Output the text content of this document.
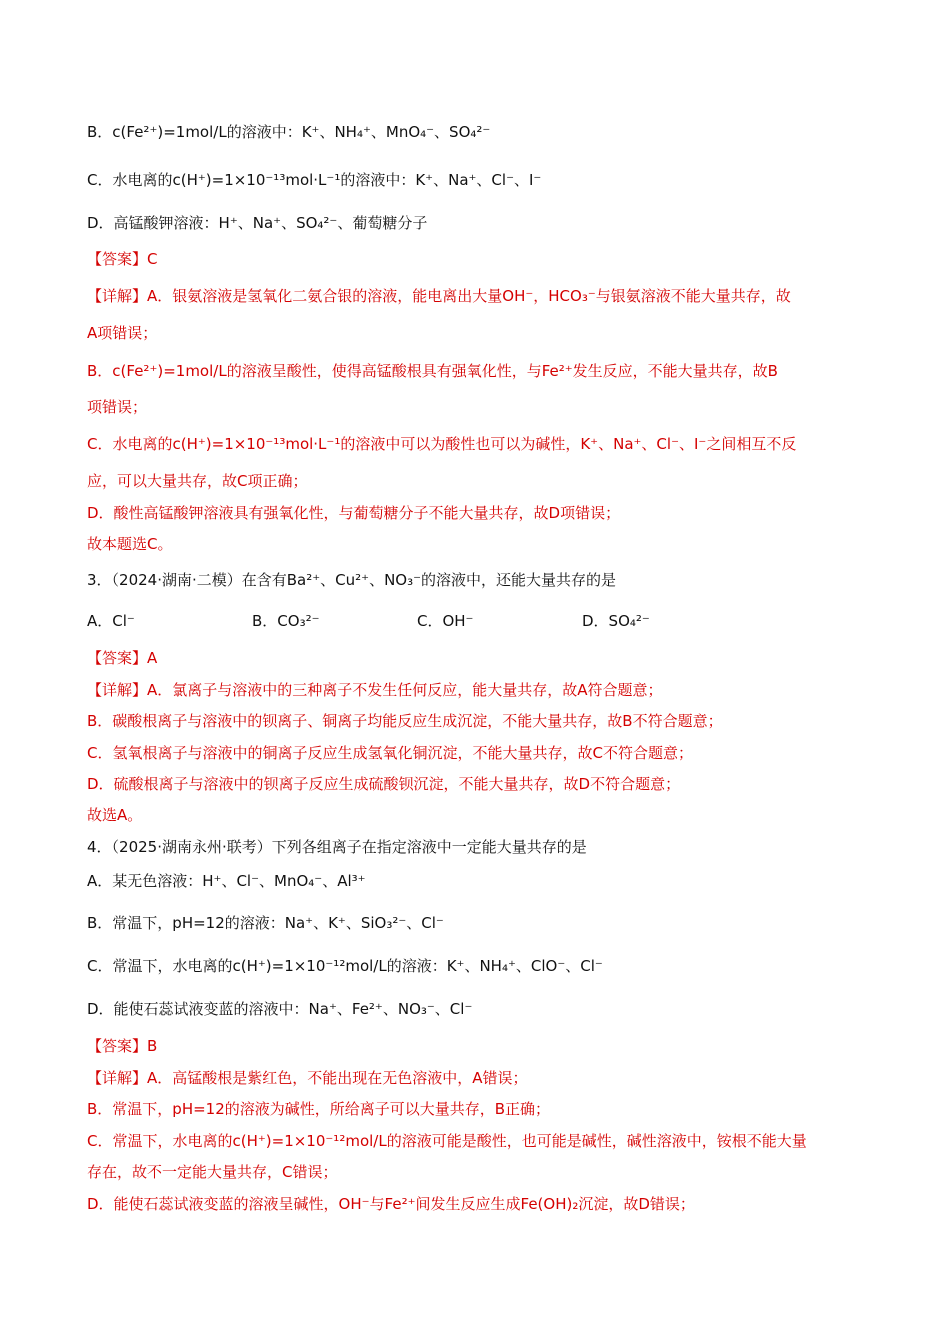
B．c(Fe²⁺)=1mol/L的溶液中：K⁺、NH₄⁺、MnO₄⁻、SO₄²⁻
C．水电离的c(H⁺)=1×10⁻¹³mol·L⁻¹的溶液中：K⁺、Na⁺、Cl⁻、I⁻
D．高锰酸钾溶液：H⁺、Na⁺、SO₄²⁻、葡萄糖分子
【答案】C
【详解】A．银氨溶液是氢氧化二氨合银的溶液，能电离出大量OH⁻，HCO₃⁻与银氨溶液不能大量共存，故
A项错误；
B．c(Fe²⁺)=1mol/L的溶液呈酸性，使得高锰酸根具有强氧化性，与Fe²⁺发生反应，不能大量共存，故B
项错误；
C．水电离的c(H⁺)=1×10⁻¹³mol·L⁻¹的溶液中可以为酸性也可以为碱性，K⁺、Na⁺、Cl⁻、I⁻之间相互不反
应，可以大量共存，故C项正确；
D．酸性高锰酸钾溶液具有强氧化性，与葡萄糖分子不能大量共存，故D项错误；
故本题选C。
3．（2024·湖南·二模）在含有Ba²⁺、Cu²⁺、NO₃⁻的溶液中，还能大量共存的是
A．Cl⁻	B．CO₃²⁻	C．OH⁻	D．SO₄²⁻
【答案】A
【详解】A．氯离子与溶液中的三种离子不发生任何反应，能大量共存，故A符合题意；
B．碳酸根离子与溶液中的钡离子、铜离子均能反应生成沉淀，不能大量共存，故B不符合题意；
C．氢氧根离子与溶液中的铜离子反应生成氢氧化铜沉淀，不能大量共存，故C不符合题意；
D．硫酸根离子与溶液中的钡离子反应生成硫酸钡沉淀，不能大量共存，故D不符合题意；
故选A。
4．（2025·湖南永州·联考）下列各组离子在指定溶液中一定能大量共存的是
A．某无色溶液：H⁺、Cl⁻、MnO₄⁻、Al³⁺
B．常温下，pH=12的溶液：Na⁺、K⁺、SiO₃²⁻、Cl⁻
C．常温下，水电离的c(H⁺)=1×10⁻¹²mol/L的溶液：K⁺、NH₄⁺、ClO⁻、Cl⁻
D．能使石蕊试液变蓝的溶液中：Na⁺、Fe²⁺、NO₃⁻、Cl⁻
【答案】B
【详解】A．高锰酸根是紫红色，不能出现在无色溶液中，A错误；
B．常温下，pH=12的溶液为碱性，所给离子可以大量共存，B正确；
C．常温下，水电离的c(H⁺)=1×10⁻¹²mol/L的溶液可能是酸性，也可能是碱性，碱性溶液中，铵根不能大量
存在，故不一定能大量共存，C错误；
D．能使石蕊试液变蓝的溶液呈碱性，OH⁻与Fe²⁺间发生反应生成Fe(OH)₂沉淀，故D错误；
